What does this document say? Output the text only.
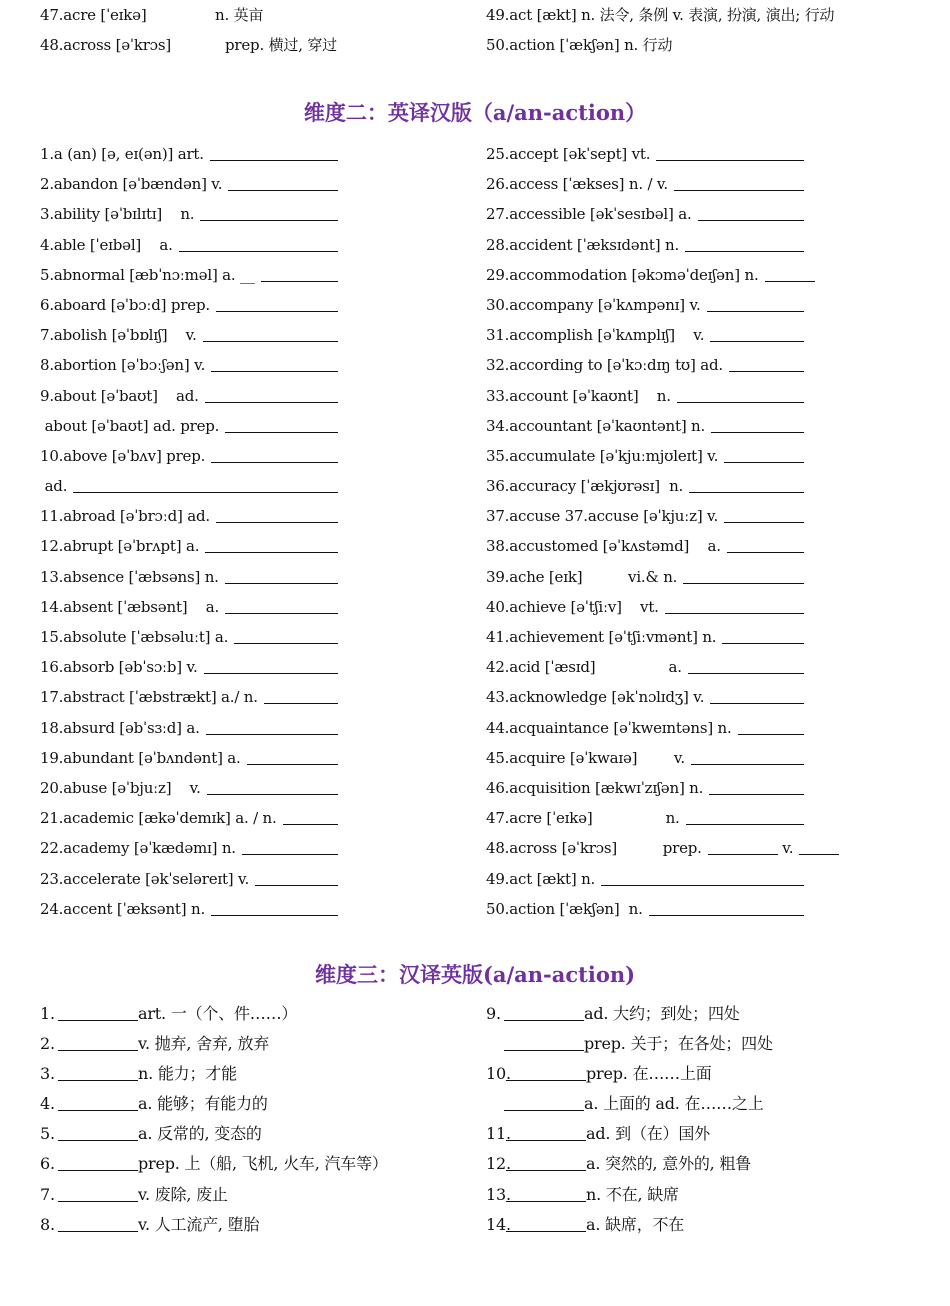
47.acre [ˈeɪkə]	n. 英亩
48.across [əˈkrɔs]	prep. 横过, 穿过
49.act [ækt] n. 法令, 条例 v. 表演, 扮演, 演出; 行动
50.action [ˈækʃən] n. 行动
维度二：英译汉版（a/an-action）
1.a (an) [ə, eɪ(ən)] art.
2.abandon [əˈbændən] v.
3.ability [əˈbɪlɪtɪ]    n.
4.able [ˈeɪbəl]    a.
5.abnormal [æbˈnɔːməl] a. __
6.aboard [əˈbɔːd] prep.
7.abolish [əˈbɒlɪʃ]    v.
8.abortion [əˈbɔːʃən] v.
9.about [əˈbaʊt]    ad.
about [əˈbaʊt] ad. prep.
10.above [əˈbʌv] prep.
ad.
11.abroad [əˈbrɔːd] ad.
12.abrupt [əˈbrʌpt] a.
13.absence [ˈæbsəns] n.
14.absent [ˈæbsənt]    a.
15.absolute [ˈæbsəluːt] a.
16.absorb [əbˈsɔːb] v.
17.abstract [ˈæbstrækt] a./ n.
18.absurd [əbˈsɜːd] a.
19.abundant [əˈbʌndənt] a.
20.abuse [əˈbjuːz]    v.
21.academic [ækəˈdemɪk] a. / n.
22.academy [əˈkædəmɪ] n.
23.accelerate [əkˈseləreɪt] v.
24.accent [ˈæksənt] n.
25.accept [əkˈsept] vt.
26.access [ˈækses] n. / v.
27.accessible [əkˈsesɪbəl] a.
28.accident [ˈæksɪdənt] n.
29.accommodation [əkɔməˈdeɪʃən] n.
30.accompany [əˈkʌmpənɪ] v.
31.accomplish [əˈkʌmplɪʃ]    v.
32.according to [əˈkɔːdɪŋ tʊ] ad.
33.account [əˈkaʊnt]    n.
34.accountant [əˈkaʊntənt] n.
35.accumulate [əˈkjuːmjʊleɪt] v.
36.accuracy [ˈækjʊrəsɪ]  n.
37.accuse 37.accuse [əˈkjuːz] v.
38.accustomed [əˈkʌstəmd]    a.
39.ache [eɪk]          vi.& n.
40.achieve [əˈtʃiːv]    vt.
41.achievement [əˈtʃiːvmənt] n.
42.acid [ˈæsɪd]                a.
43.acknowledge [əkˈnɔlɪdʒ] v.
44.acquaintance [əˈkweɪntəns] n.
45.acquire [əˈkwaɪə]        v.
46.acquisition [ækwɪˈzɪʃən] n.
47.acre [ˈeɪkə]                n.
48.across [əˈkrɔs]          prep.	v.
49.act [ækt] n.
50.action [ˈækʃən]  n.
维度三：汉译英版(a/an-action)
1.	art. 一（个、件……）
2.	v. 抛弃, 舍弃, 放弃
3.	n. 能力；才能
4.	a. 能够；有能力的
5.	a. 反常的, 变态的
6.	prep. 上（船, 飞机, 火车, 汽车等）
7.	v. 废除, 废止
8.	v. 人工流产, 堕胎
9.	ad. 大约；到处；四处
prep. 关于；在各处；四处
10.	prep. 在……上面
a. 上面的 ad. 在……之上
11.	ad. 到（在）国外
12.	a. 突然的, 意外的, 粗鲁
13.	n. 不在, 缺席
14.	a. 缺席，不在
